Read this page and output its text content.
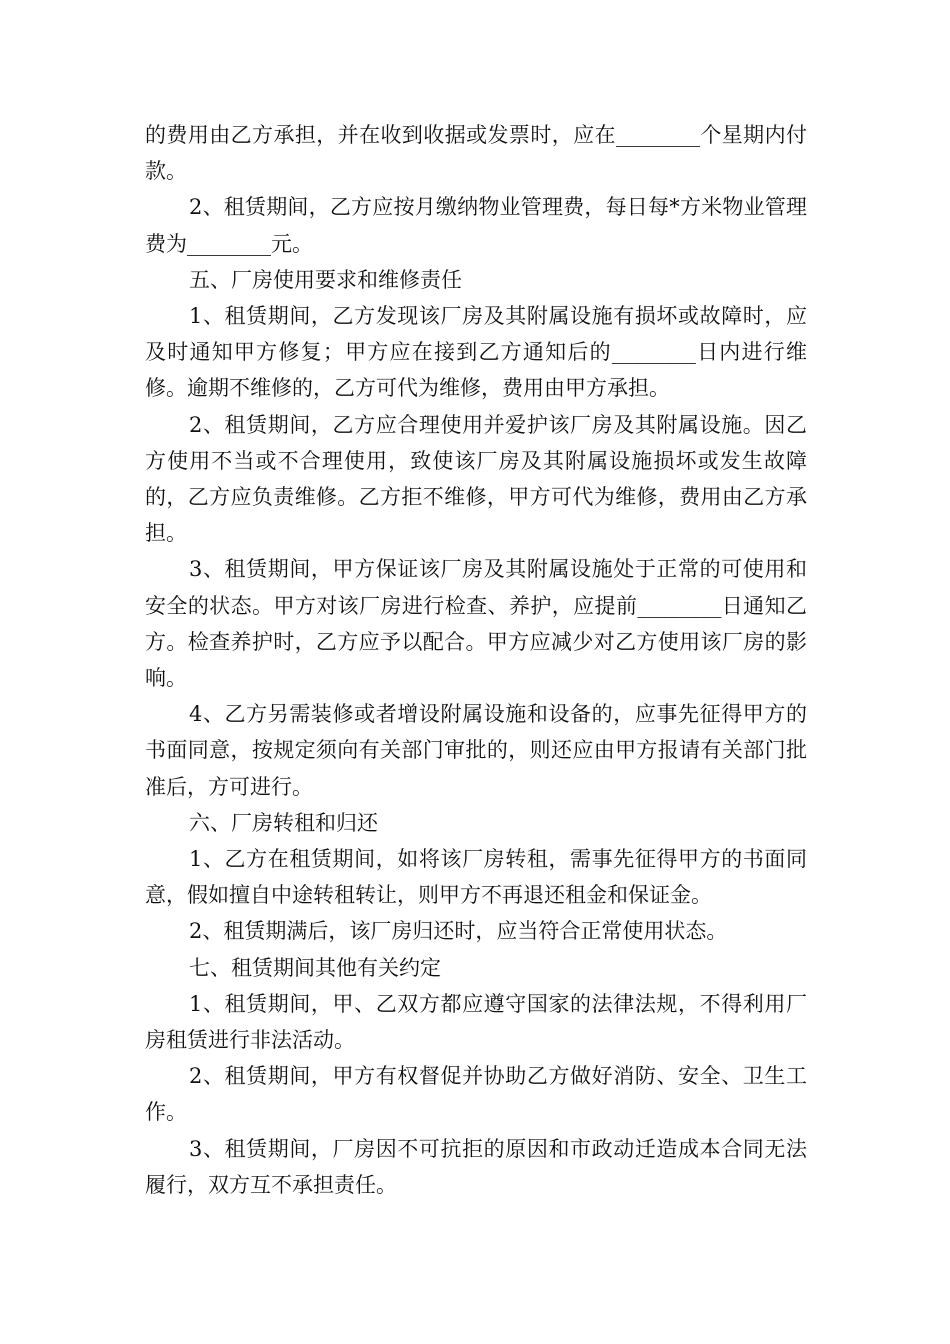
的费用由乙方承担，并在收到收据或发票时，应在________个星期内付款。

2、租赁期间，乙方应按月缴纳物业管理费，每日每*方米物业管理费为________元。

五、厂房使用要求和维修责任

1、租赁期间，乙方发现该厂房及其附属设施有损坏或故障时，应及时通知甲方修复；甲方应在接到乙方通知后的________日内进行维修。逾期不维修的，乙方可代为维修，费用由甲方承担。

2、租赁期间，乙方应合理使用并爱护该厂房及其附属设施。因乙方使用不当或不合理使用，致使该厂房及其附属设施损坏或发生故障的，乙方应负责维修。乙方拒不维修，甲方可代为维修，费用由乙方承担。

3、租赁期间，甲方保证该厂房及其附属设施处于正常的可使用和安全的状态。甲方对该厂房进行检查、养护，应提前________日通知乙方。检查养护时，乙方应予以配合。甲方应减少对乙方使用该厂房的影响。

4、乙方另需装修或者增设附属设施和设备的，应事先征得甲方的书面同意，按规定须向有关部门审批的，则还应由甲方报请有关部门批准后，方可进行。

六、厂房转租和归还

1、乙方在租赁期间，如将该厂房转租，需事先征得甲方的书面同意，假如擅自中途转租转让，则甲方不再退还租金和保证金。

2、租赁期满后，该厂房归还时，应当符合正常使用状态。

七、租赁期间其他有关约定

1、租赁期间，甲、乙双方都应遵守国家的法律法规，不得利用厂房租赁进行非法活动。

2、租赁期间，甲方有权督促并协助乙方做好消防、安全、卫生工作。

3、租赁期间，厂房因不可抗拒的原因和市政动迁造成本合同无法履行，双方互不承担责任。
